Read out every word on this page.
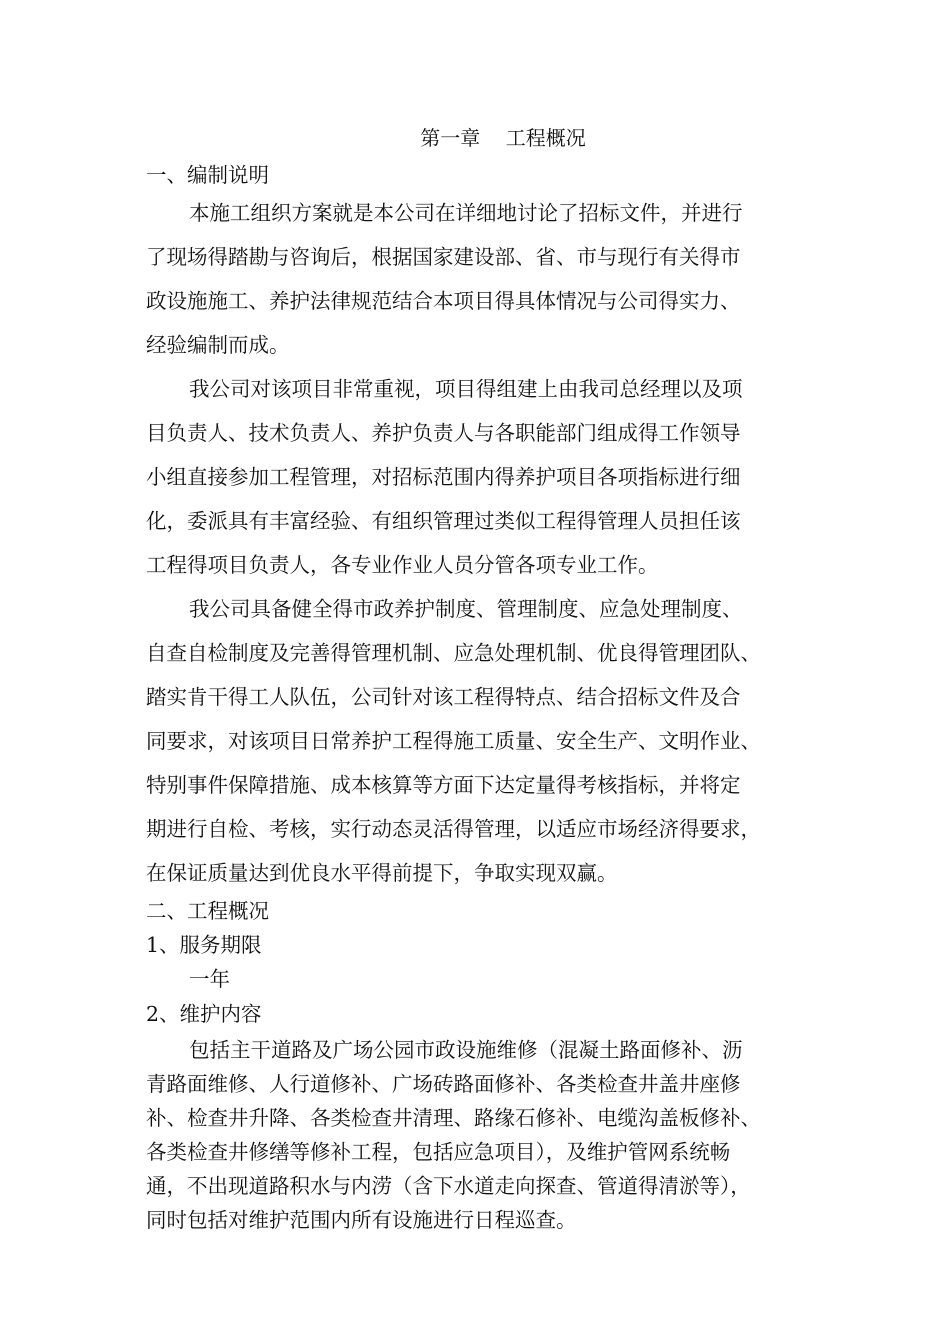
第一章    工程概况
一、编制说明
本施工组织方案就是本公司在详细地讨论了招标文件，并进行
了现场得踏勘与咨询后，根据国家建设部、省、市与现行有关得市
政设施施工、养护法律规范结合本项目得具体情况与公司得实力、
经验编制而成。
我公司对该项目非常重视，项目得组建上由我司总经理以及项
目负责人、技术负责人、养护负责人与各职能部门组成得工作领导
小组直接参加工程管理，对招标范围内得养护项目各项指标进行细
化，委派具有丰富经验、有组织管理过类似工程得管理人员担任该
工程得项目负责人，各专业作业人员分管各项专业工作。
我公司具备健全得市政养护制度、管理制度、应急处理制度、
自查自检制度及完善得管理机制、应急处理机制、优良得管理团队、
踏实肯干得工人队伍，公司针对该工程得特点、结合招标文件及合
同要求，对该项目日常养护工程得施工质量、安全生产、文明作业、
特别事件保障措施、成本核算等方面下达定量得考核指标，并将定
期进行自检、考核，实行动态灵活得管理，以适应市场经济得要求，
在保证质量达到优良水平得前提下，争取实现双赢。
二、工程概况
1、服务期限
一年
2、维护内容
包括主干道路及广场公园市政设施维修（混凝土路面修补、沥
青路面维修、人行道修补、广场砖路面修补、各类检查井盖井座修
补、检查井升降、各类检查井清理、路缘石修补、电缆沟盖板修补、
各类检查井修缮等修补工程，包括应急项目），及维护管网系统畅
通，不出现道路积水与内涝（含下水道走向探查、管道得清淤等），
同时包括对维护范围内所有设施进行日程巡查。
